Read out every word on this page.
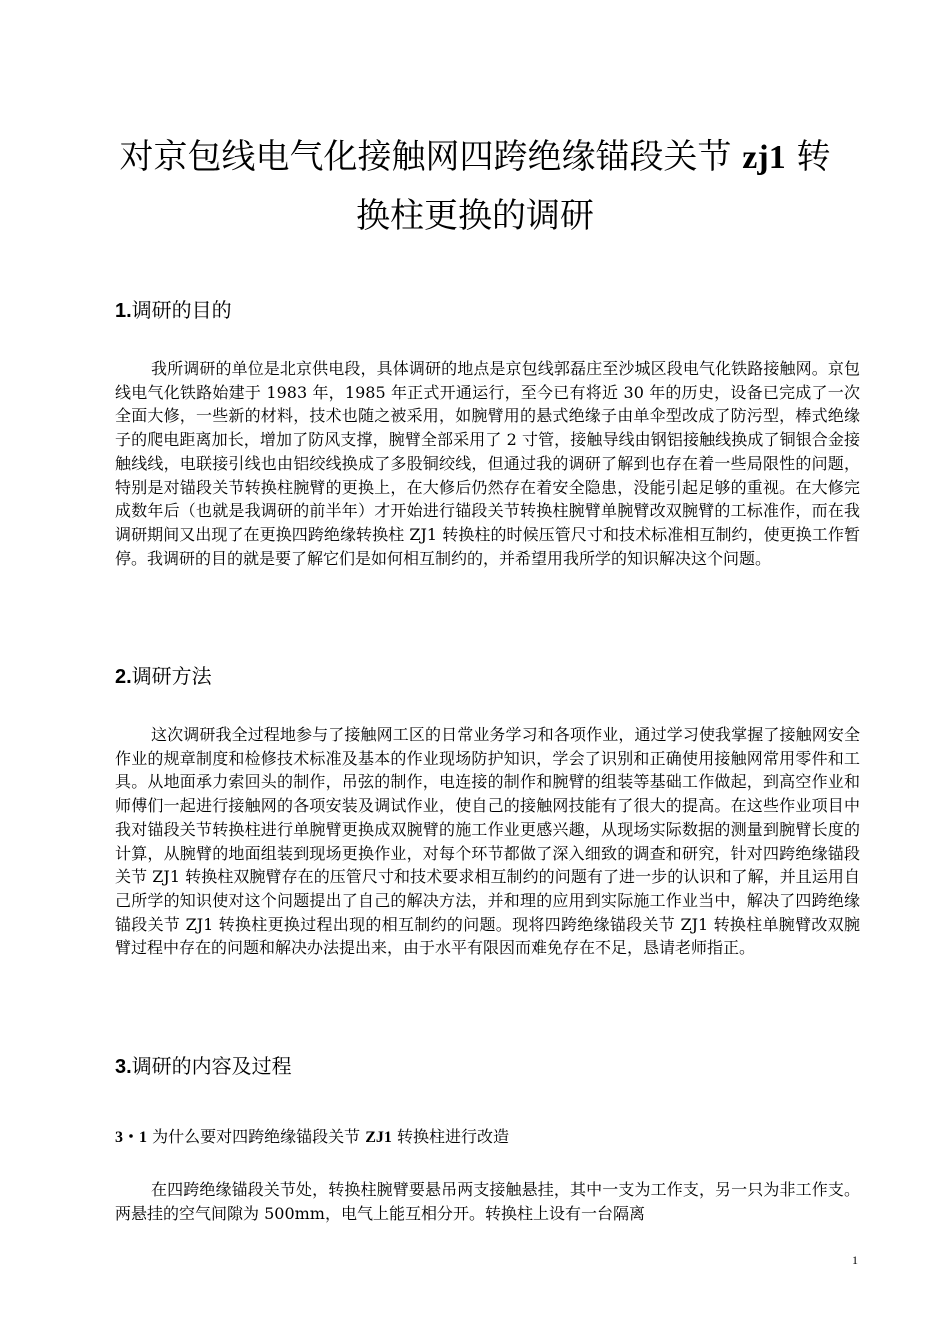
对京包线电气化接触网四跨绝缘锚段关节 zj1 转
换柱更换的调研
1.调研的目的

我所调研的单位是北京供电段，具体调研的地点是京包线郭磊庄至沙城区段电气化铁路接触网。京包线电气化铁路始建于 1983 年，1985 年正式开通运行，至今已有将近 30 年的历史，设备已完成了一次全面大修，一些新的材料，技术也随之被采用，如腕臂用的悬式绝缘子由单伞型改成了防污型，棒式绝缘子的爬电距离加长，增加了防风支撑，腕臂全部采用了 2 寸管，接触导线由钢铝接触线换成了铜银合金接触线线，电联接引线也由铝绞线换成了多股铜绞线，但通过我的调研了解到也存在着一些局限性的问题，特别是对锚段关节转换柱腕臂的更换上，在大修后仍然存在着安全隐患，没能引起足够的重视。在大修完成数年后（也就是我调研的前半年）才开始进行锚段关节转换柱腕臂单腕臂改双腕臂的工标准作，而在我调研期间又出现了在更换四跨绝缘转换柱 ZJ1 转换柱的时候压管尺寸和技术标准相互制约，使更换工作暂停。我调研的目的就是要了解它们是如何相互制约的，并希望用我所学的知识解决这个问题。

2.调研方法

这次调研我全过程地参与了接触网工区的日常业务学习和各项作业，通过学习使我掌握了接触网安全作业的规章制度和检修技术标准及基本的作业现场防护知识，学会了识别和正确使用接触网常用零件和工具。从地面承力索回头的制作，吊弦的制作，电连接的制作和腕臂的组装等基础工作做起，到高空作业和师傅们一起进行接触网的各项安装及调试作业，使自己的接触网技能有了很大的提高。在这些作业项目中我对锚段关节转换柱进行单腕臂更换成双腕臂的施工作业更感兴趣，从现场实际数据的测量到腕臂长度的计算，从腕臂的地面组装到现场更换作业，对每个环节都做了深入细致的调查和研究，针对四跨绝缘锚段关节 ZJ1 转换柱双腕臂存在的压管尺寸和技术要求相互制约的问题有了进一步的认识和了解，并且运用自己所学的知识使对这个问题提出了自己的解决方法，并和理的应用到实际施工作业当中，解决了四跨绝缘锚段关节 ZJ1 转换柱更换过程出现的相互制约的问题。现将四跨绝缘锚段关节 ZJ1 转换柱单腕臂改双腕臂过程中存在的问题和解决办法提出来，由于水平有限因而难免存在不足，恳请老师指正。

3.调研的内容及过程
3・1 为什么要对四跨绝缘锚段关节 ZJ1 转换柱进行改造

在四跨绝缘锚段关节处，转换柱腕臂要悬吊两支接触悬挂，其中一支为工作支，另一只为非工作支。两悬挂的空气间隙为 500mm，电气上能互相分开。转换柱上设有一台隔离

1
